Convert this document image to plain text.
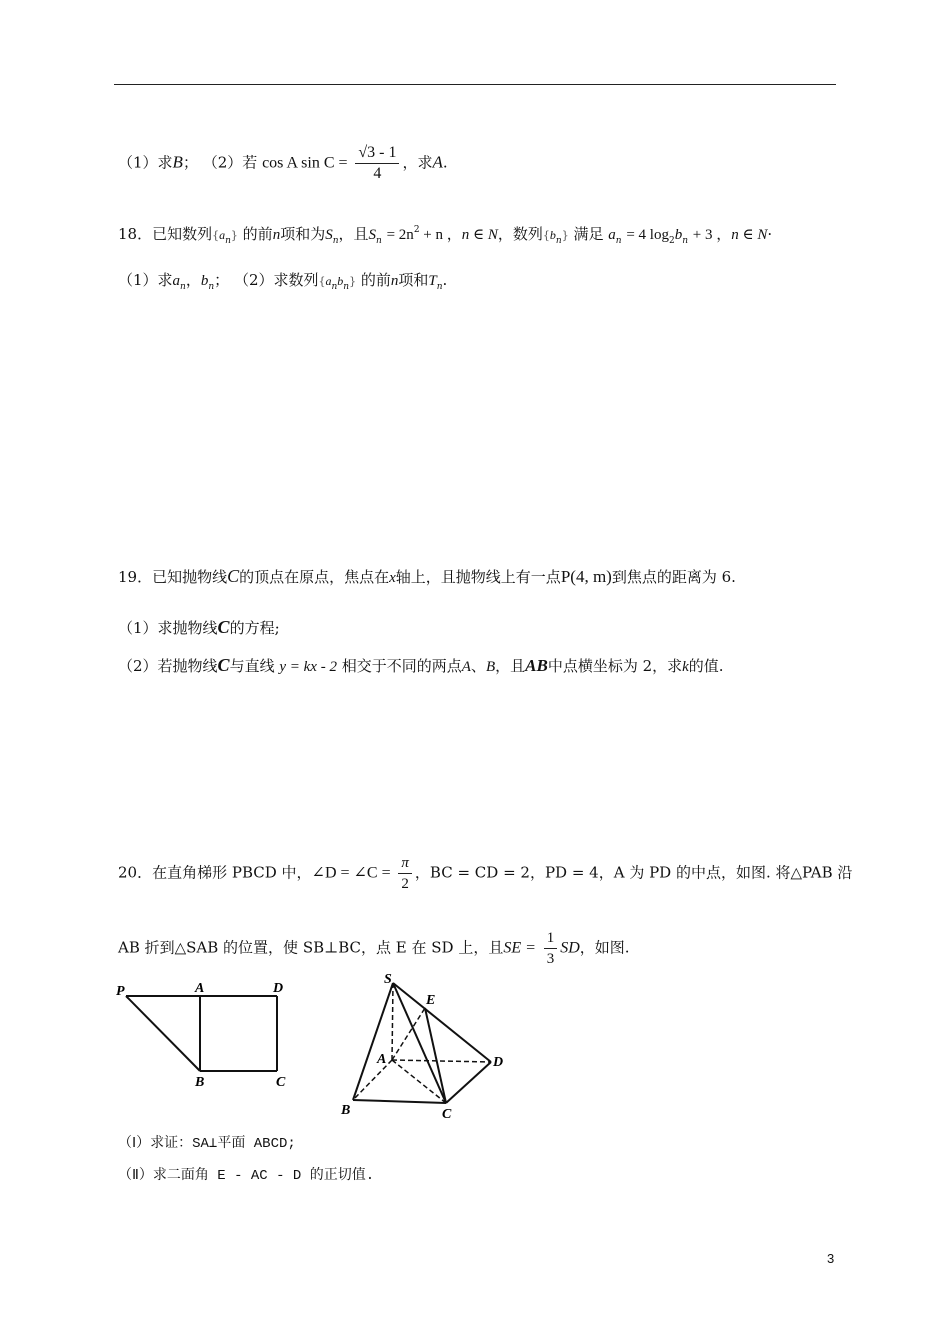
（1）求B； （2）若 cos A $\sin C = \frac{√3 - 1}{4}$ ，求A.
18．已知数列$\{a_n\}$ 的前n项和为$S_n$，且$S_n = 2n^2 + n$ ，n ∈ N，数列$\{b_n\}$ 满足 $a_n = 4$ $\log_2b_n + 3$ ，n ∈ N·
（1）求$a_n$，$b_n$； （2）求数列$\{a_nb_n\}$ 的前n项和$T_n$.
19．已知抛物线C的顶点在原点，焦点在x轴上，且抛物线上有一点P(4, m)到焦点的距离为 6.
（1）求抛物线C的方程;
（2）若抛物线C与直线 y = kx - 2 相交于不同的两点A、B，且AB中点横坐标为 2，求k的值.
20．在直角梯形 PBCD 中，∠D = ∠C = $\frac{\pi}{2}$ ，BC = CD = 2，PD = 4，A 为 PD 的中点，如图. 将△PAB 沿
AB 折到△SAB 的位置，使 SB⊥BC，点 E 在 SD 上，且SE = $\frac{1}{3}$ SD，如图.
P	A	D
B	C
S
E
A	D
B	C
（Ⅰ）求证：SA⊥平面 ABCD;
（Ⅱ）求二面角 E - AC - D 的正切值.
3
